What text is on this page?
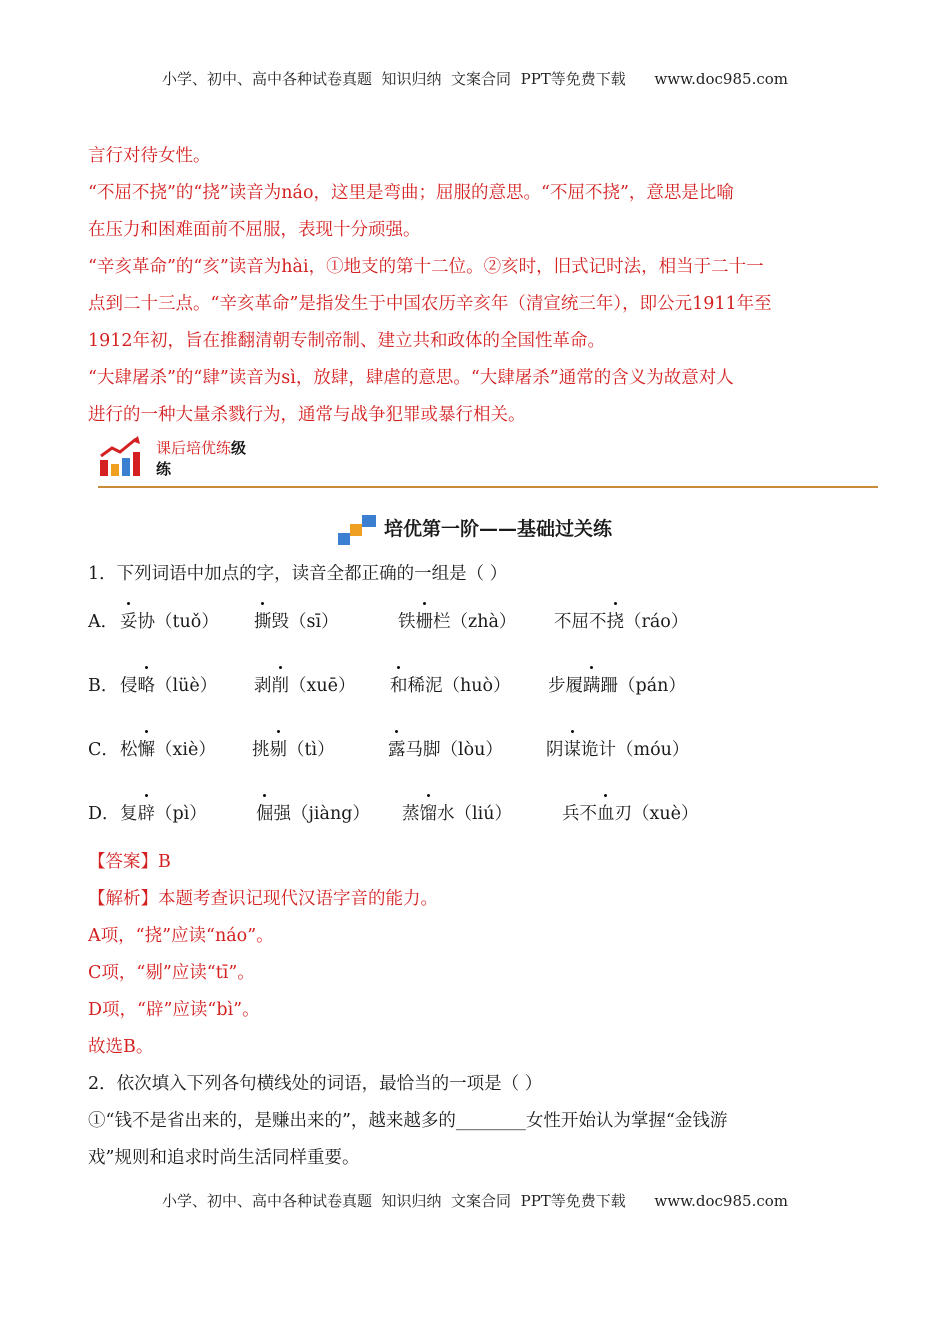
小学、初中、高中各种试卷真题  知识归纳  文案合同  PPT等免费下载      www.doc985.com
言行对待女性。
“不屈不挠”的“挠”读音为náo，这里是弯曲；屈服的意思。“不屈不挠”，意思是比喻
在压力和困难面前不屈服，表现十分顽强。
“辛亥革命”的“亥”读音为hài，①地支的第十二位。②亥时，旧式记时法，相当于二十一
点到二十三点。“辛亥革命”是指发生于中国农历辛亥年（清宣统三年），即公元1911年至
1912年初，旨在推翻清朝专制帝制、建立共和政体的全国性革命。
“大肆屠杀”的“肆”读音为sì，放肆，肆虐的意思。“大肆屠杀”通常的含义为故意对人
进行的一种大量杀戮行为，通常与战争犯罪或暴行相关。
课后培优练级
练
培优第一阶——基础过关练
1．下列词语中加点的字，读音全都正确的一组是（ ）
A． 妥协（tuǒ） 撕毁（sī）	铁栅栏（zhà） 不屈不挠（ráo）
B． 侵略（lüè） 剥削（xuē） 和稀泥（huò） 步履蹒跚（pán）
C． 松懈（xiè） 挑剔（tì）	露马脚（lòu） 阴谋诡计（móu）
D． 复辟（pì）	倔强（jiàng） 蒸馏水（liú）	兵不血刃（xuè）
【答案】B
【解析】本题考查识记现代汉语字音的能力。
A项，“挠”应读“náo”。
C项，“剔”应读“tī”。
D项，“辟”应读“bì”。
故选B。
2．依次填入下列各句横线处的词语，最恰当的一项是（ ）
①“钱不是省出来的，是赚出来的”，越来越多的________女性开始认为掌握“金钱游
戏”规则和追求时尚生活同样重要。
小学、初中、高中各种试卷真题  知识归纳  文案合同  PPT等免费下载      www.doc985.com
